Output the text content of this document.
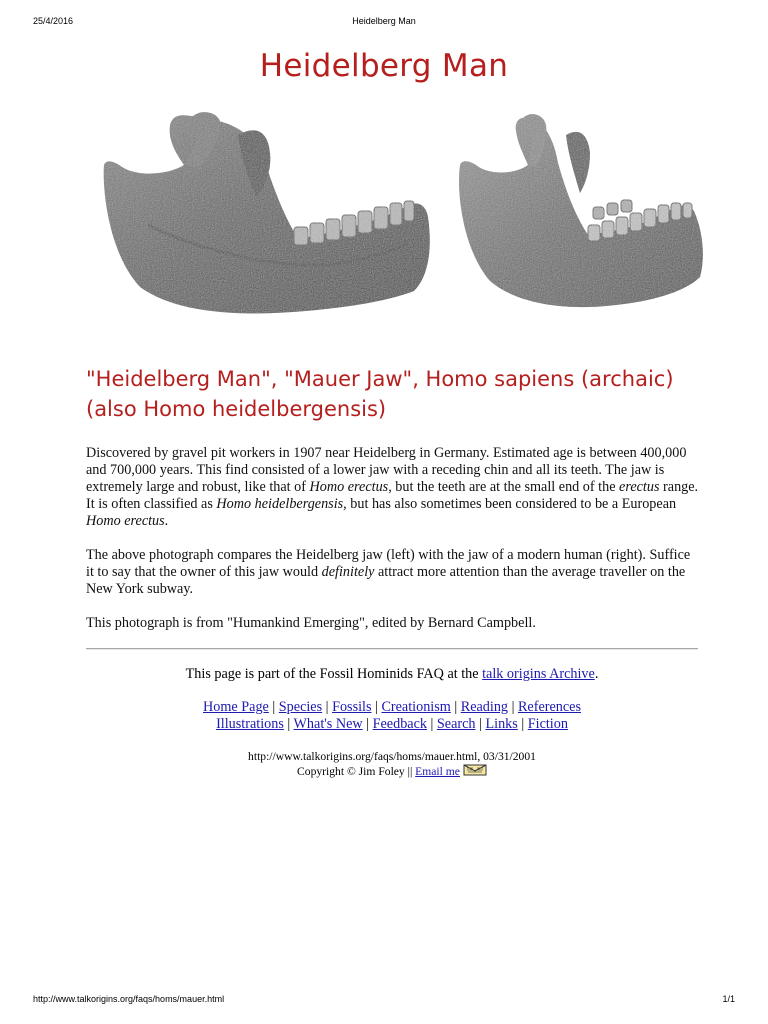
25/4/2016	Heidelberg Man
Heidelberg Man
"Heidelberg Man", "Mauer Jaw", Homo sapiens (archaic) (also Homo heidelbergensis)

Discovered by gravel pit workers in 1907 near Heidelberg in Germany. Estimated age is between 400,000 and 700,000 years. This find consisted of a lower jaw with a receding chin and all its teeth. The jaw is extremely large and robust, like that of Homo erectus, but the teeth are at the small end of the erectus range. It is often classified as Homo heidelbergensis, but has also sometimes been considered to be a European Homo erectus.

The above photograph compares the Heidelberg jaw (left) with the jaw of a modern human (right). Suffice it to say that the owner of this jaw would definitely attract more attention than the average traveller on the New York subway.

This photograph is from "Humankind Emerging", edited by Bernard Campbell.

This page is part of the Fossil Hominids FAQ at the talk origins Archive.

Home Page | Species | Fossils | Creationism | Reading | References
Illustrations | What's New | Feedback | Search | Links | Fiction
http://www.talkorigins.org/faqs/homs/mauer.html, 03/31/2001
Copyright © Jim Foley || Email me
http://www.talkorigins.org/faqs/homs/mauer.html	1/1
